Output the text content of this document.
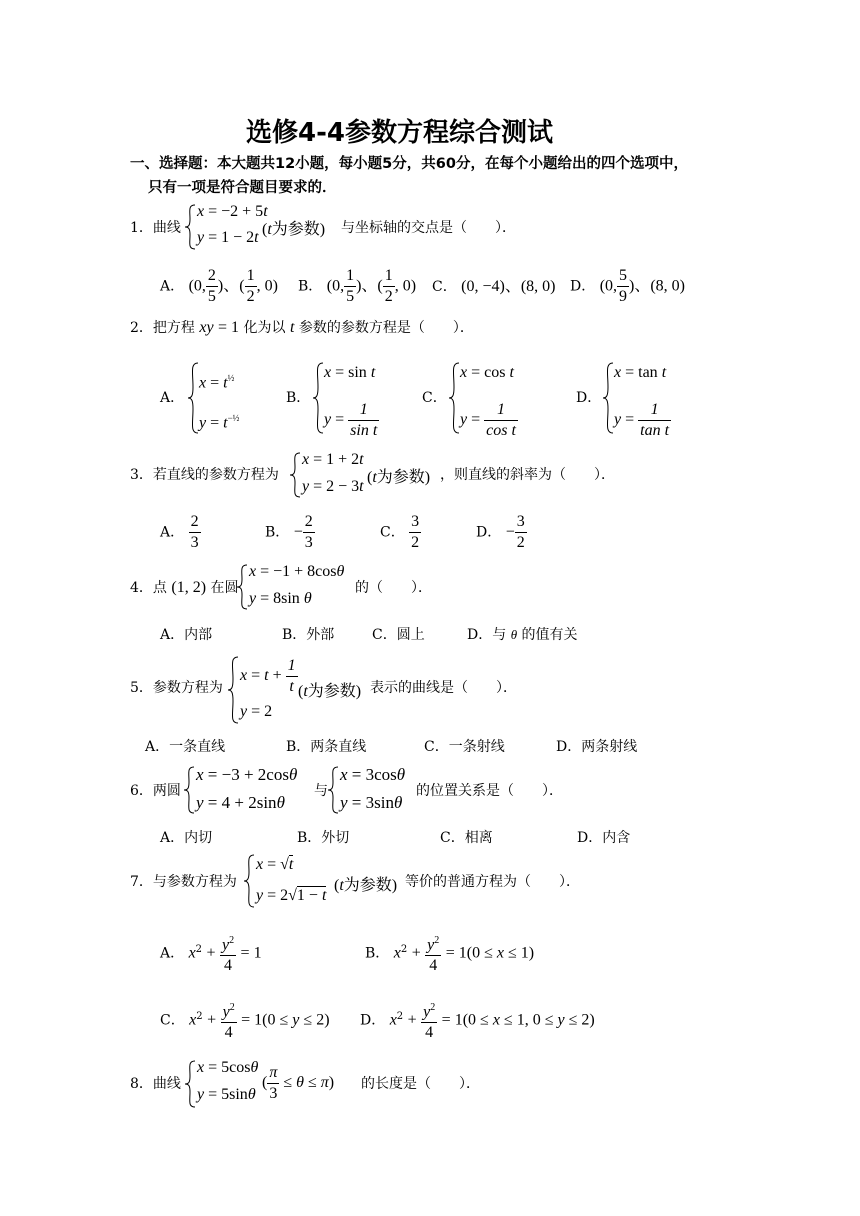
选修4-4参数方程综合测试
一、选择题：本大题共12小题，每小题5分，共60分，在每个小题给出的四个选项中，
只有一项是符合题目要求的．
1．曲线
x = −2 + 5t
y = 1 − 2t (t为参数) 与坐标轴的交点是（　　）．
A． (0, $\frac{2}{5}$ )、( $\frac{1}{2}$ , 0) B． (0, $\frac{1}{5}$ )、( $\frac{1}{2}$ , 0) C． (0, −4)、(8, 0) D． (0, $\frac{5}{9}$ )、(8, 0)
2．把方程 xy = 1 化为以 t 参数的参数方程是（　　）．
A．
$x = t^{\frac{1}{2}}$
$y = t^{-\frac{1}{2}}$
B．
x = sin t
$y = \frac{1}{\text{sin t}}$
C．
x = cos t
$y = \frac{1}{\text{cos t}}$
D．
x = tan t
$y = \frac{1}{\text{tan t}}$
3．若直线的参数方程为
x = 1 + 2t
y = 2 − 3t
(t为参数) ，则直线的斜率为（　　）．
A． $\frac{2}{3}$	B． − $\frac{2}{3}$	C． $\frac{3}{2}$	D． − $\frac{3}{2}$
4．点 (1, 2) 在圆
x = −1 + 8cosθ
y = 8sin θ
的（　　）．
A．内部	B．外部	C．圆上	D．与 θ 的值有关
5．参数方程为
$x = t + \frac{1}{t}$
y = 2
(t为参数) 表示的曲线是（　　）．
A．一条直线	B．两条直线	C．一条射线	D．两条射线
6．两圆
x = −3 + 2cosθ
y = 4 + 2sinθ
与
x = 3cosθ
y = 3sinθ
的位置关系是（　　）．
A．内切	B．外切	C．相离	D．内含
7．与参数方程为
x = √t
y = 2√1 − t
(t为参数) 等价的普通方程为（　　）．
A． $x^2 + \frac{y^2}{4} = 1$	B． $x^2 + \frac{y^2}{4} = 1(0 \le x \le 1)$
C． $x^2 + \frac{y^2}{4} = 1(0 \le y \le 2)$ D． $x^2 + \frac{y^2}{4} = 1(0 \le x \le 1$, 0 ≤ y ≤ 2)
8．曲线
x = 5cosθ
y = 5sinθ
( $\frac{\pi}{3} \le \theta \le \pi$) 的长度是（　　）．
